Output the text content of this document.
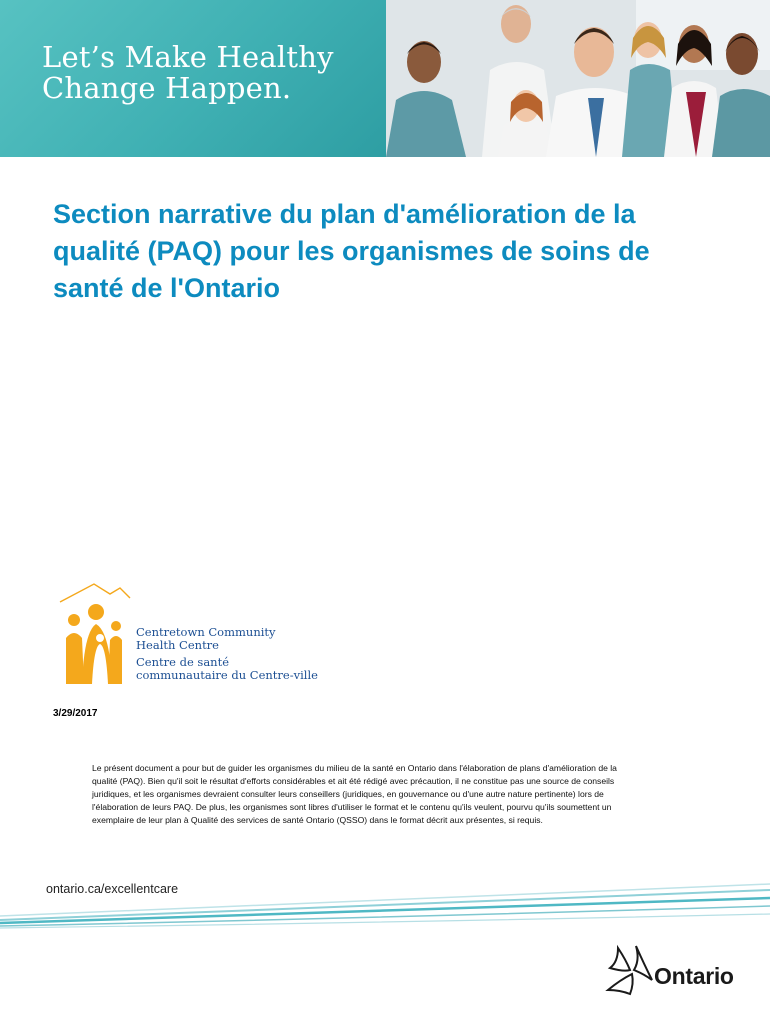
Let’s Make Healthy
Change Happen.
Section narrative du plan d'amélioration de la
qualité (PAQ) pour les organismes de soins de
santé de l'Ontario
Centretown Community
Health Centre
Centre de santé
communautaire du Centre-ville
3/29/2017
Le présent document a pour but de guider les organismes du milieu de la santé en Ontario dans l'élaboration de plans d'amélioration de la
qualité (PAQ). Bien qu'il soit le résultat d'efforts considérables et ait été rédigé avec précaution, il ne constitue pas une source de conseils
juridiques, et les organismes devraient consulter leurs conseillers (juridiques, en gouvernance ou d'une autre nature pertinente) lors de
l'élaboration de leurs PAQ. De plus, les organismes sont libres d'utiliser le format et le contenu qu'ils veulent, pourvu qu'ils soumettent un
exemplaire de leur plan à Qualité des services de santé Ontario (QSSO) dans le format décrit aux présentes, si requis.
ontario.ca/excellentcare
Ontario
